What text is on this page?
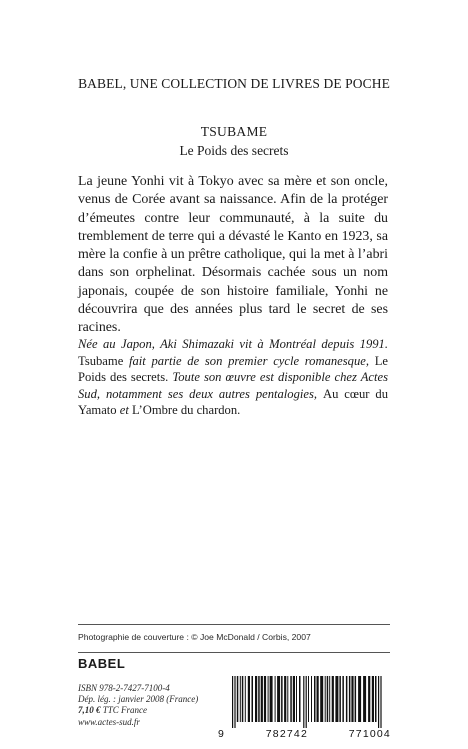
BABEL, UNE COLLECTION DE LIVRES DE POCHE
TSUBAME
Le Poids des secrets

La jeune Yonhi vit à Tokyo avec sa mère et son oncle, venus de Corée avant sa naissance. Afin de la protéger d’émeutes contre leur communauté, à la suite du tremblement de terre qui a dévasté le Kanto en 1923, sa mère la confie à un prêtre catholique, qui la met à l’abri dans son orphelinat. Désormais cachée sous un nom japonais, coupée de son histoire familiale, Yonhi ne découvrira que des années plus tard le secret de ses racines.

Née au Japon, Aki Shimazaki vit à Montréal depuis 1991. Tsubame fait partie de son premier cycle romanesque, Le Poids des secrets. Toute son œuvre est disponible chez Actes Sud, notamment ses deux autres pentalogies, Au cœur du Yamato et L’Ombre du chardon.

Photographie de couverture : © Joe McDonald / Corbis, 2007
BABEL
ISBN 978-2-7427-7100-4
Dép. lég. : janvier 2008 (France)
7,10 € TTC France
www.actes-sud.fr
9	782742	771004
